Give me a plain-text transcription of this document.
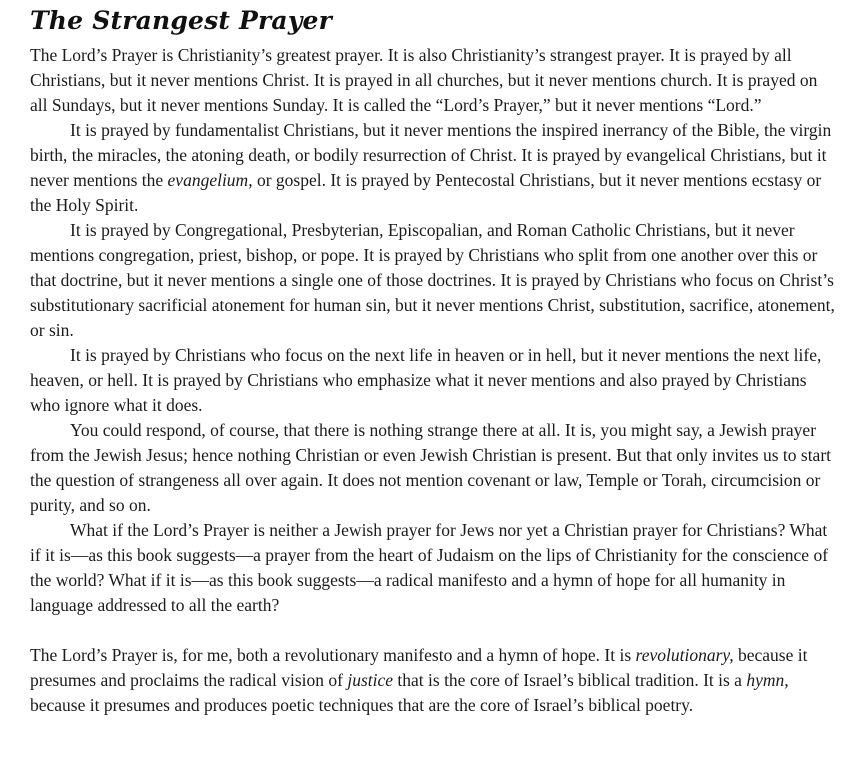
The Strangest Prayer

The Lord’s Prayer is Christianity’s greatest prayer. It is also Christianity’s strangest prayer. It is prayed by all Christians, but it never mentions Christ. It is prayed in all churches, but it never mentions church. It is prayed on all Sundays, but it never mentions Sunday. It is called the “Lord’s Prayer,” but it never mentions “Lord.”

It is prayed by fundamentalist Christians, but it never mentions the inspired inerrancy of the Bible, the virgin birth, the miracles, the atoning death, or bodily resurrection of Christ. It is prayed by evangelical Christians, but it never mentions the evangelium, or gospel. It is prayed by Pentecostal Christians, but it never mentions ecstasy or the Holy Spirit.

It is prayed by Congregational, Presbyterian, Episcopalian, and Roman Catholic Christians, but it never mentions congregation, priest, bishop, or pope. It is prayed by Christians who split from one another over this or that doctrine, but it never mentions a single one of those doctrines. It is prayed by Christians who focus on Christ’s substitutionary sacrificial atonement for human sin, but it never mentions Christ, substitution, sacrifice, atonement, or sin.

It is prayed by Christians who focus on the next life in heaven or in hell, but it never mentions the next life, heaven, or hell. It is prayed by Christians who emphasize what it never mentions and also prayed by Christians who ignore what it does.

You could respond, of course, that there is nothing strange there at all. It is, you might say, a Jewish prayer from the Jewish Jesus; hence nothing Christian or even Jewish Christian is present. But that only invites us to start the question of strangeness all over again. It does not mention covenant or law, Temple or Torah, circumcision or purity, and so on.

What if the Lord’s Prayer is neither a Jewish prayer for Jews nor yet a Christian prayer for Christians? What if it is—as this book suggests—a prayer from the heart of Judaism on the lips of Christianity for the conscience of the world? What if it is—as this book suggests—a radical manifesto and a hymn of hope for all humanity in language addressed to all the earth?

The Lord’s Prayer is, for me, both a revolutionary manifesto and a hymn of hope. It is revolutionary, because it presumes and proclaims the radical vision of justice that is the core of Israel’s biblical tradition. It is a hymn, because it presumes and produces poetic techniques that are the core of Israel’s biblical poetry.
